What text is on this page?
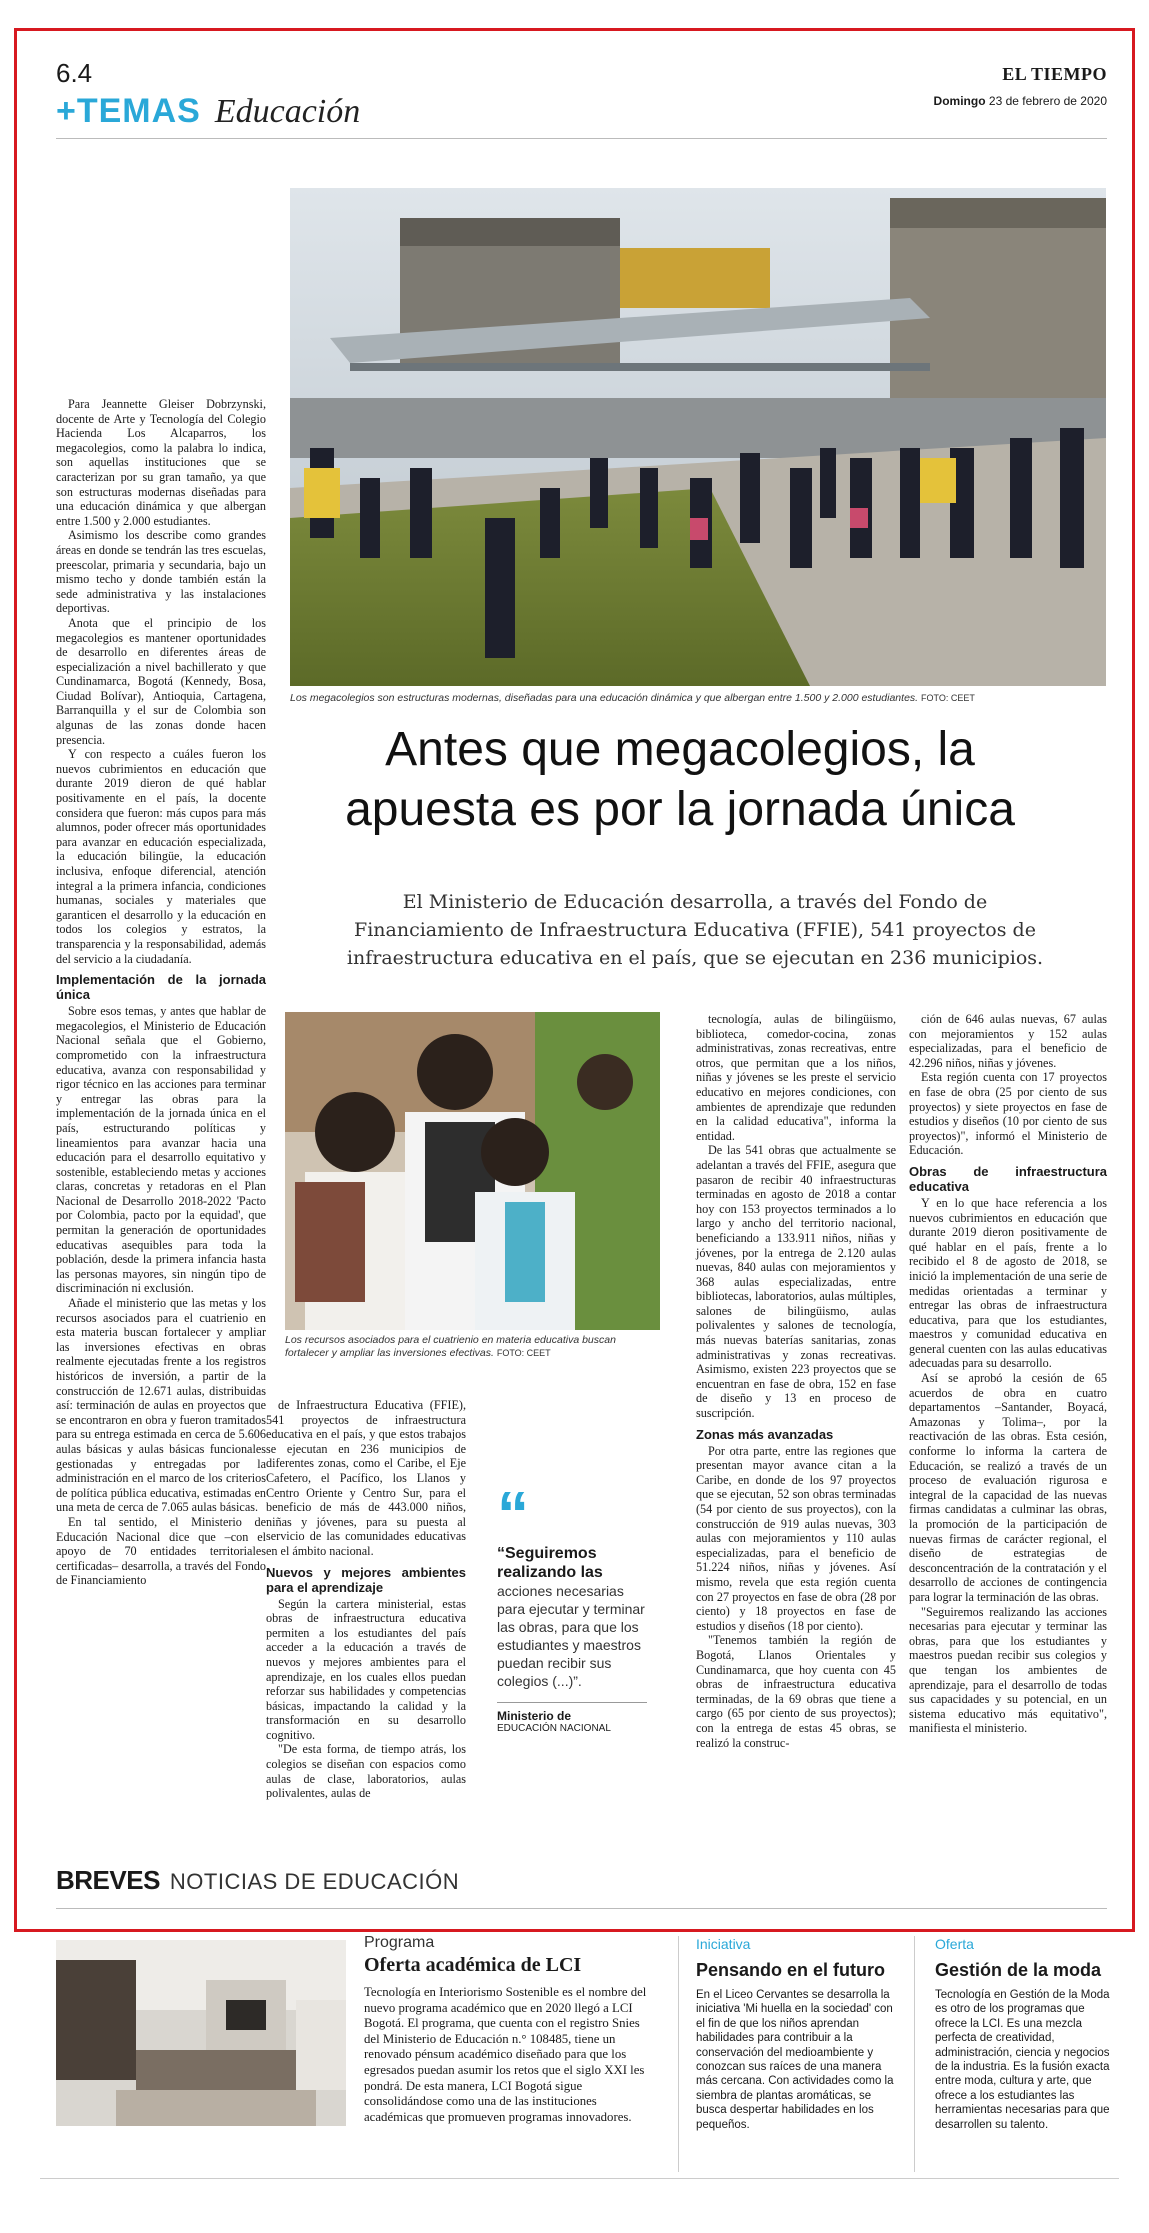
6.4	EL TIEMPO
Domingo 23 de febrero de 2020
+TEMAS Educación
Los megacolegios son estructuras modernas, diseñadas para una educación dinámica y que albergan entre 1.500 y 2.000 estudiantes. FOTO: CEET
Antes que megacolegios, la
apuesta es por la jornada única
El Ministerio de Educación desarrolla, a través del Fondo de Financiamiento de Infraestructura Educativa (FFIE), 541 proyectos de infraestructura educativa en el país, que se ejecutan en 236 municipios.

Para Jeannette Gleiser Dobrzynski, docente de Arte y Tecnología del Colegio Hacienda Los Alcaparros, los megacolegios, como la palabra lo indica, son aquellas instituciones que se caracterizan por su gran tamaño, ya que son estructuras modernas diseñadas para una educación dinámica y que albergan entre 1.500 y 2.000 estudiantes.

Asimismo los describe como grandes áreas en donde se tendrán las tres escuelas, preescolar, primaria y secundaria, bajo un mismo techo y donde también están la sede administrativa y las instalaciones deportivas.

Anota que el principio de los megacolegios es mantener oportunidades de desarrollo en diferentes áreas de especialización a nivel bachillerato y que Cundinamarca, Bogotá (Kennedy, Bosa, Ciudad Bolívar), Antioquia, Cartagena, Barranquilla y el sur de Colombia son algunas de las zonas donde hacen presencia.

Y con respecto a cuáles fueron los nuevos cubrimientos en educación que durante 2019 dieron de qué hablar positivamente en el país, la docente considera que fueron: más cupos para más alumnos, poder ofrecer más oportunidades para avanzar en educación especializada, la educación bilingüe, la educación inclusiva, enfoque diferencial, atención integral a la primera infancia, condiciones humanas, sociales y materiales que garanticen el desarrollo y la educación en todos los colegios y estratos, la transparencia y la responsabilidad, además del servicio a la ciudadanía.

Implementación de la jornada única

Sobre esos temas, y antes que hablar de megacolegios, el Ministerio de Educación Nacional señala que el Gobierno, comprometido con la infraestructura educativa, avanza con responsabilidad y rigor técnico en las acciones para terminar y entregar las obras para la implementación de la jornada única en el país, estructurando políticas y lineamientos para avanzar hacia una educación para el desarrollo equitativo y sostenible, estableciendo metas y acciones claras, concretas y retadoras en el Plan Nacional de Desarrollo 2018-2022 'Pacto por Colombia, pacto por la equidad', que permitan la generación de oportunidades educativas asequibles para toda la población, desde la primera infancia hasta las personas mayores, sin ningún tipo de discriminación ni exclusión.

Añade el ministerio que las metas y los recursos asociados para el cuatrienio en esta materia buscan fortalecer y ampliar las inversiones efectivas en obras realmente ejecutadas frente a los registros históricos de inversión, a partir de la construcción de 12.671 aulas, distribuidas así: terminación de aulas en proyectos que se encontraron en obra y fueron tramitados para su entrega estimada en cerca de 5.606 aulas básicas y aulas básicas funcionales gestionadas y entregadas por la administración en el marco de los criterios de política pública educativa, estimadas en una meta de cerca de 7.065 aulas básicas.

En tal sentido, el Ministerio de Educación Nacional dice que –con el apoyo de 70 entidades territoriales certificadas– desarrolla, a través del Fondo de Financiamiento

Los recursos asociados para el cuatrienio en materia educativa buscan fortalecer y ampliar las inversiones efectivas. FOTO: CEET

de Infraestructura Educativa (FFIE), 541 proyectos de infraestructura educativa en el país, y que estos trabajos se ejecutan en 236 municipios de diferentes zonas, como el Caribe, el Eje Cafetero, el Pacífico, los Llanos y Centro Oriente y Centro Sur, para el beneficio de más de 443.000 niños, niñas y jóvenes, para su puesta al servicio de las comunidades educativas en el ámbito nacional.

Nuevos y mejores ambientes para el aprendizaje

Según la cartera ministerial, estas obras de infraestructura educativa permiten a los estudiantes del país acceder a la educación a través de nuevos y mejores ambientes para el aprendizaje, en los cuales ellos puedan reforzar sus habilidades y competencias básicas, impactando la calidad y la transformación en su desarrollo cognitivo.

"De esta forma, de tiempo atrás, los colegios se diseñan con espacios como aulas de clase, laboratorios, aulas polivalentes, aulas de

“
“Seguiremos realizando las
acciones necesarias para ejecutar y terminar las obras, para que los estudiantes y maestros puedan recibir sus colegios (...)”.
Ministerio de
EDUCACIÓN NACIONAL

tecnología, aulas de bilingüismo, biblioteca, comedor-cocina, zonas administrativas, zonas recreativas, entre otros, que permitan que a los niños, niñas y jóvenes se les preste el servicio educativo en mejores condiciones, con ambientes de aprendizaje que redunden en la calidad educativa", informa la entidad.

De las 541 obras que actualmente se adelantan a través del FFIE, asegura que pasaron de recibir 40 infraestructuras terminadas en agosto de 2018 a contar hoy con 153 proyectos terminados a lo largo y ancho del territorio nacional, beneficiando a 133.911 niños, niñas y jóvenes, por la entrega de 2.120 aulas nuevas, 840 aulas con mejoramientos y 368 aulas especializadas, entre bibliotecas, laboratorios, aulas múltiples, salones de bilingüismo, aulas polivalentes y salones de tecnología, más nuevas baterías sanitarias, zonas administrativas y zonas recreativas. Asimismo, existen 223 proyectos que se encuentran en fase de obra, 152 en fase de diseño y 13 en proceso de suscripción.

Zonas más avanzadas

Por otra parte, entre las regiones que presentan mayor avance citan a la Caribe, en donde de los 97 proyectos que se ejecutan, 52 son obras terminadas (54 por ciento de sus proyectos), con la construcción de 919 aulas nuevas, 303 aulas con mejoramientos y 110 aulas especializadas, para el beneficio de 51.224 niños, niñas y jóvenes. Así mismo, revela que esta región cuenta con 27 proyectos en fase de obra (28 por ciento) y 18 proyectos en fase de estudios y diseños (18 por ciento).

"Tenemos también la región de Bogotá, Llanos Orientales y Cundinamarca, que hoy cuenta con 45 obras de infraestructura educativa terminadas, de la 69 obras que tiene a cargo (65 por ciento de sus proyectos); con la entrega de estas 45 obras, se realizó la construc-

ción de 646 aulas nuevas, 67 aulas con mejoramientos y 152 aulas especializadas, para el beneficio de 42.296 niños, niñas y jóvenes.

Esta región cuenta con 17 proyectos en fase de obra (25 por ciento de sus proyectos) y siete proyectos en fase de estudios y diseños (10 por ciento de sus proyectos)", informó el Ministerio de Educación.

Obras de infraestructura educativa

Y en lo que hace referencia a los nuevos cubrimientos en educación que durante 2019 dieron positivamente de qué hablar en el país, frente a lo recibido el 8 de agosto de 2018, se inició la implementación de una serie de medidas orientadas a terminar y entregar las obras de infraestructura educativa, para que los estudiantes, maestros y comunidad educativa en general cuenten con las aulas educativas adecuadas para su desarrollo.

Así se aprobó la cesión de 65 acuerdos de obra en cuatro departamentos –Santander, Boyacá, Amazonas y Tolima–, por la reactivación de las obras. Esta cesión, conforme lo informa la cartera de Educación, se realizó a través de un proceso de evaluación rigurosa e integral de la capacidad de las nuevas firmas candidatas a culminar las obras, la promoción de la participación de nuevas firmas de carácter regional, el diseño de estrategias de desconcentración de la contratación y el desarrollo de acciones de contingencia para lograr la terminación de las obras.

"Seguiremos realizando las acciones necesarias para ejecutar y terminar las obras, para que los estudiantes y maestros puedan recibir sus colegios y que tengan los ambientes de aprendizaje, para el desarrollo de todas sus capacidades y su potencial, en un sistema educativo más equitativo", manifiesta el ministerio.

BREVES NOTICIAS DE EDUCACIÓN
Programa
Oferta académica de LCI
Tecnología en Interiorismo Sostenible es el nombre del nuevo programa académico que en 2020 llegó a LCI Bogotá. El programa, que cuenta con el registro Snies del Ministerio de Educación n.° 108485, tiene un renovado pénsum académico diseñado para que los egresados puedan asumir los retos que el siglo XXI les pondrá. De esta manera, LCI Bogotá sigue consolidándose como una de las instituciones académicas que promueven programas innovadores.
Iniciativa
Pensando en el futuro
En el Liceo Cervantes se desarrolla la iniciativa 'Mi huella en la sociedad' con el fin de que los niños aprendan habilidades para contribuir a la conservación del medioambiente y conozcan sus raíces de una manera más cercana. Con actividades como la siembra de plantas aromáticas, se busca despertar habilidades en los pequeños.
Oferta
Gestión de la moda
Tecnología en Gestión de la Moda es otro de los programas que ofrece la LCI. Es una mezcla perfecta de creatividad, administración, ciencia y negocios de la industria. Es la fusión exacta entre moda, cultura y arte, que ofrece a los estudiantes las herramientas necesarias para que desarrollen su talento.
